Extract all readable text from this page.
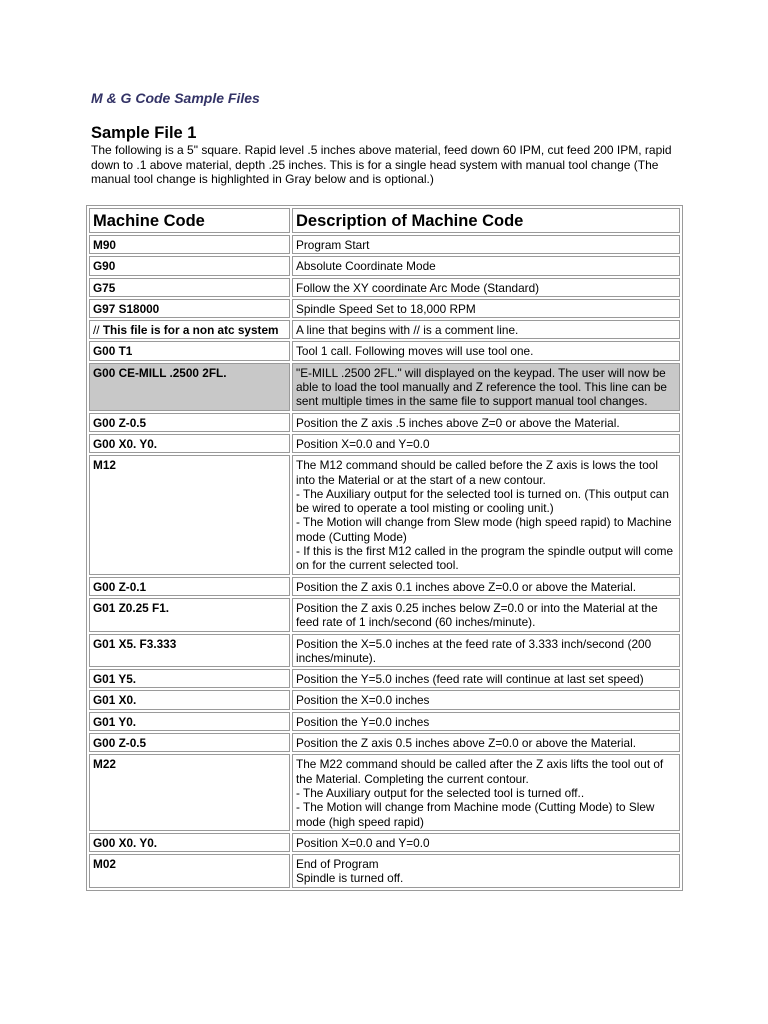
M & G Code Sample Files
Sample File 1

The following is a 5" square. Rapid level .5 inches above material, feed down 60 IPM, cut feed 200 IPM, rapid down to .1 above material, depth .25 inches. This is for a single head system with manual tool change (The manual tool change is highlighted in Gray below and is optional.)

Machine Code	Description of Machine Code
M90	Program Start
G90	Absolute Coordinate Mode
G75	Follow the XY coordinate Arc Mode (Standard)
G97 S18000	Spindle Speed Set to 18,000 RPM
// This file is for a non atc system	A line that begins with // is a comment line.
G00 T1	Tool 1 call. Following moves will use tool one.
G00 CE-MILL .2500 2FL.	"E-MILL .2500 2FL." will displayed on the keypad. The user will now be able to load the tool manually and Z reference the tool. This line can be sent multiple times in the same file to support manual tool changes.
G00 Z-0.5	Position the Z axis .5 inches above Z=0 or above the Material.
G00 X0. Y0.	Position X=0.0 and Y=0.0
M12	The M12 command should be called before the Z axis is lows the tool into the Material or at the start of a new contour.
- The Auxiliary output for the selected tool is turned on. (This output can be wired to operate a tool misting or cooling unit.)
- The Motion will change from Slew mode (high speed rapid) to Machine mode (Cutting Mode)
- If this is the first M12 called in the program the spindle output will come on for the current selected tool.

G00 Z-0.1	Position the Z axis 0.1 inches above Z=0.0 or above the Material.
G01 Z0.25 F1.	Position the Z axis 0.25 inches below Z=0.0 or into the Material at the feed rate of 1 inch/second (60 inches/minute).
G01 X5. F3.333	Position the X=5.0 inches at the feed rate of 3.333 inch/second (200 inches/minute).
G01 Y5.	Position the Y=5.0 inches (feed rate will continue at last set speed)
G01 X0.	Position the X=0.0 inches
G01 Y0.	Position the Y=0.0 inches
G00 Z-0.5	Position the Z axis 0.5 inches above Z=0.0 or above the Material.
M22	The M22 command should be called after the Z axis lifts the tool out of the Material. Completing the current contour.
- The Auxiliary output for the selected tool is turned off..
- The Motion will change from Machine mode (Cutting Mode) to Slew mode (high speed rapid)

G00 X0. Y0.	Position X=0.0 and Y=0.0
M02	End of Program
Spindle is turned off.
